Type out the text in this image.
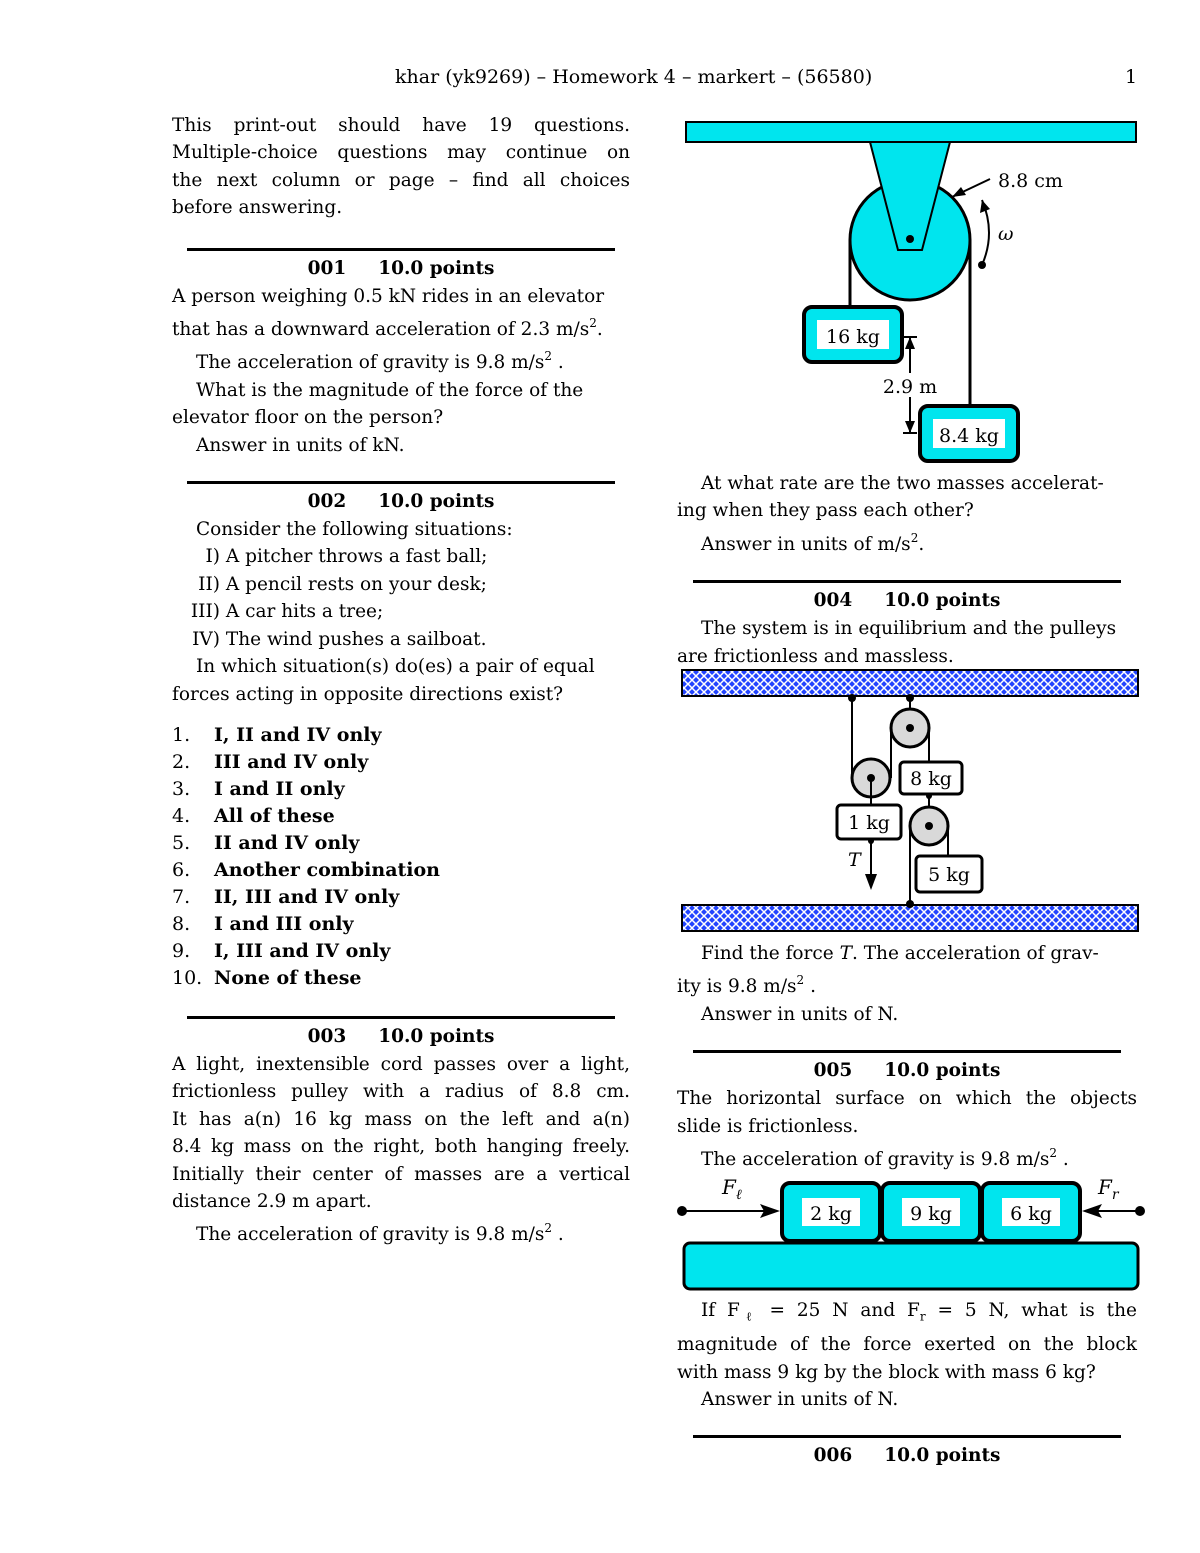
khar (yk9269) – Homework 4 – markert – (56580)	1
This print-out should have 19 questions.
Multiple-choice questions may continue on
the next column or page – find all choices
before answering.
001 10.0 points
A person weighing 0.5 kN rides in an elevator
that has a downward acceleration of 2.3 $m/s^2$.
The acceleration of gravity is 9.8 $m/s^2$ .
What is the magnitude of the force of the
elevator floor on the person?
Answer in units of kN.
002 10.0 points
Consider the following situations:
I) A pitcher throws a fast ball;
II) A pencil rests on your desk;
III) A car hits a tree;
IV) The wind pushes a sailboat.
In which situation(s) do(es) a pair of equal
forces acting in opposite directions exist?
1. I, II and IV only
2. III and IV only
3. I and II only
4. All of these
5. II and IV only
6. Another combination
7. II, III and IV only
8. I and III only
9. I, III and IV only
10. None of these
003 10.0 points
A light, inextensible cord passes over a light,
frictionless pulley with a radius of 8.8 cm.
It has a(n) 16 kg mass on the left and a(n)
8.4 kg mass on the right, both hanging freely.
Initially their center of masses are a vertical
distance 2.9 m apart.
The acceleration of gravity is 9.8 $m/s^2$ .
16 kg
8.4 kg
2.9 m
8.8 cm
ω
At what rate are the two masses accelerat-
ing when they pass each other?
Answer in units of $m/s^2$.
004 10.0 points
The system is in equilibrium and the pulleys
are frictionless and massless.
8 kg
1 kg
T
5 kg
Find the force T. The acceleration of grav-
ity is 9.8 $m/s^2$ .
Answer in units of N.
005 10.0 points
The horizontal surface on which the objects
slide is frictionless.
The acceleration of gravity is 9.8 $m/s^2$ .
2 kg	9 kg	6 kg
$F_\ell$	$F_r$
If $F_\ell = 25$ N and $F_r = 5$ N, what is the
magnitude of the force exerted on the block
with mass 9 kg by the block with mass 6 kg?
Answer in units of N.
006 10.0 points
